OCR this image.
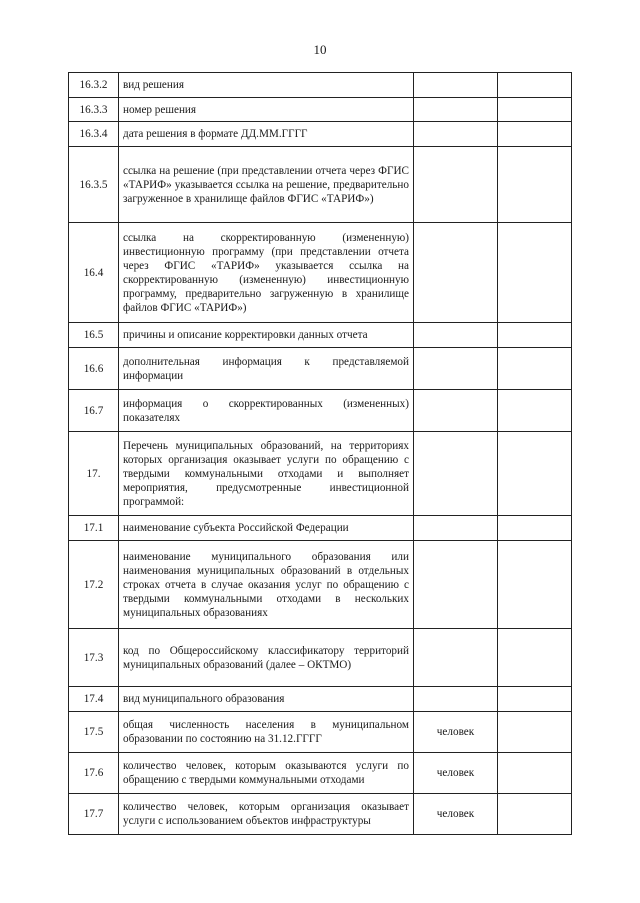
10
16.3.2	вид решения		
16.3.3	номер решения		
16.3.4	дата решения в формате ДД.ММ.ГГГГ		
16.3.5	ссылка на решение (при представлении отчета через ФГИС «ТАРИФ» указывается ссылка на решение, предварительно загруженное в хранилище файлов ФГИС «ТАРИФ»)		
16.4	ссылка на скорректированную (измененную) инвестиционную программу (при представлении отчета через ФГИС «ТАРИФ» указывается ссылка на скорректированную (измененную) инвестиционную программу, предварительно загруженную в хранилище файлов ФГИС «ТАРИФ»)		
16.5	причины и описание корректировки данных отчета		
16.6	дополнительная информация к представляемой информации		
16.7	информация о скорректированных (измененных) показателях		
17.	Перечень муниципальных образований, на территориях которых организация оказывает услуги по обращению с твердыми коммунальными отходами и выполняет мероприятия, предусмотренные инвестиционной программой:		
17.1	наименование субъекта Российской Федерации		
17.2	наименование муниципального образования или наименования муниципальных образований в отдельных строках отчета в случае оказания услуг по обращению с твердыми коммунальными отходами в нескольких муниципальных образованиях		
17.3	код по Общероссийскому классификатору территорий муниципальных образований (далее – ОКТМО)		
17.4	вид муниципального образования		
17.5	общая численность населения в муниципальном образовании по состоянию на 31.12.ГГГГ	человек	
17.6	количество человек, которым оказываются услуги по обращению с твердыми коммунальными отходами	человек	
17.7	количество человек, которым организация оказывает услуги с использованием объектов инфраструктуры	человек	
